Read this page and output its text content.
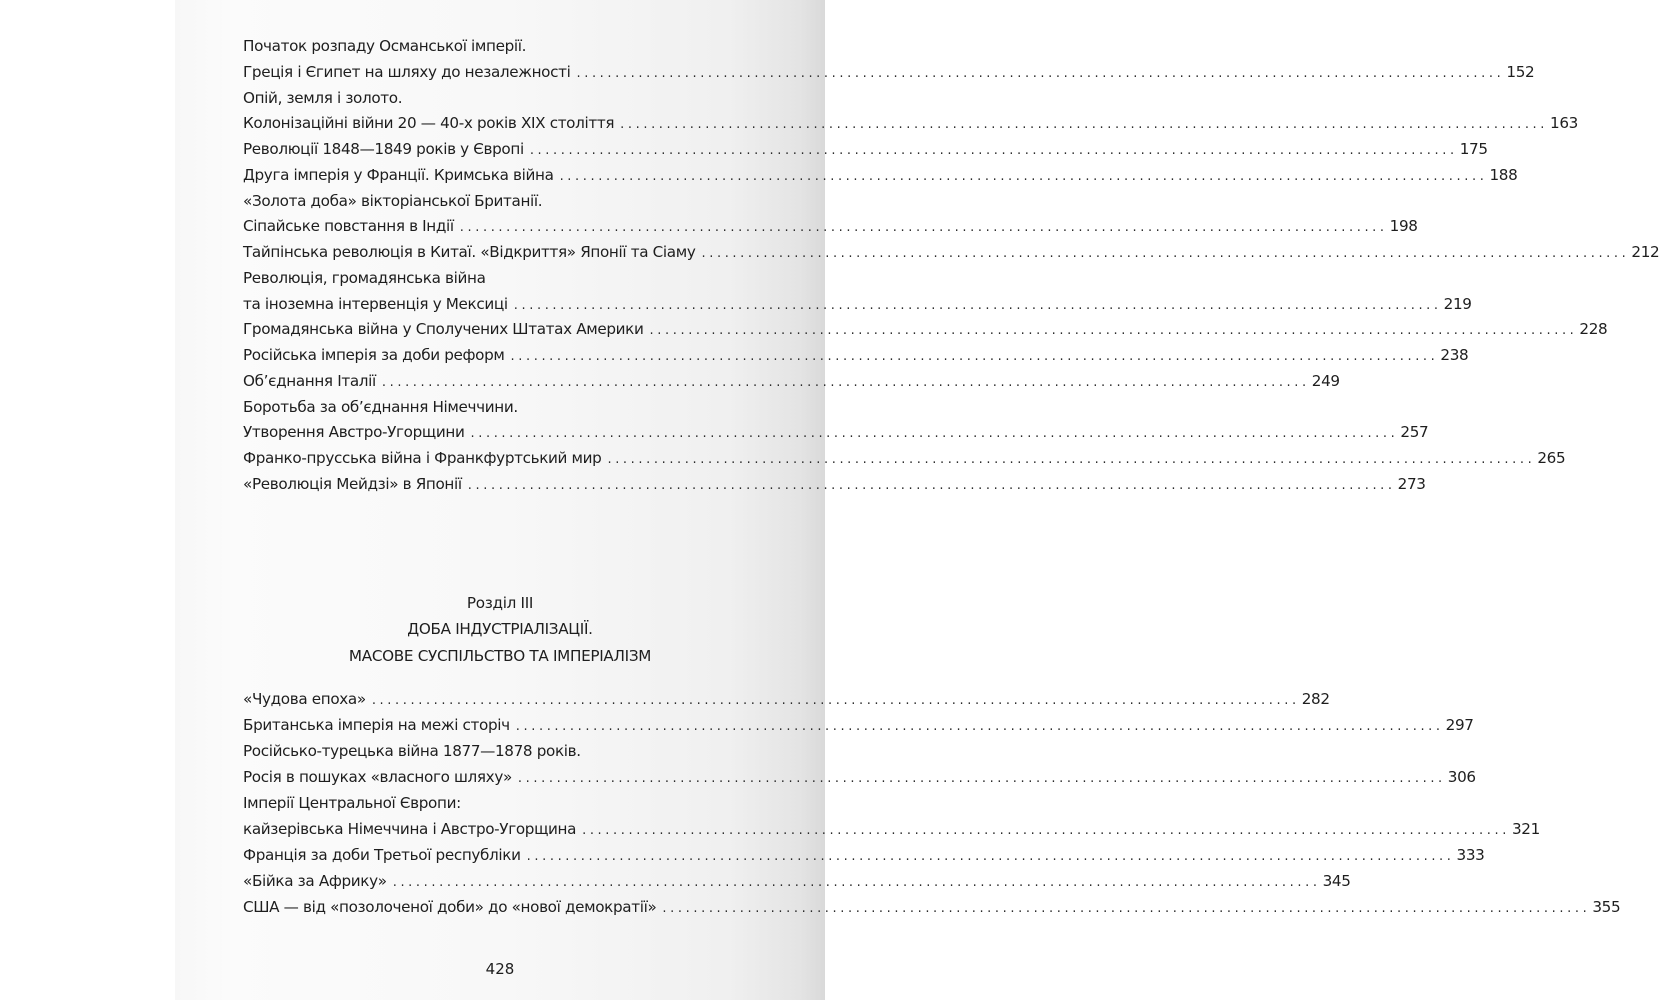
Початок розпаду Османської імперії.
Греція і Єгипет на шляху до незалежності ........................................................................................................................ 152
Опій, земля і золото.
Колонізаційні війни 20 — 40-х років XIX століття ........................................................................................................................ 163
Революції 1848—1849 років у Європі ........................................................................................................................ 175
Друга імперія у Франції. Кримська війна ........................................................................................................................ 188
«Золота доба» вікторіанської Британії.
Сіпайське повстання в Індії ........................................................................................................................ 198
Тайпінська революція в Китаї. «Відкриття» Японії та Сіаму ........................................................................................................................ 212
Революція, громадянська війна
та іноземна інтервенція у Мексиці ........................................................................................................................ 219
Громадянська війна у Сполучених Штатах Америки ........................................................................................................................ 228
Російська імперія за доби реформ ........................................................................................................................ 238
Об’єднання Італії ........................................................................................................................ 249
Боротьба за об’єднання Німеччини.
Утворення Австро-Угорщини ........................................................................................................................ 257
Франко-прусська війна і Франкфуртський мир ........................................................................................................................ 265
«Революція Мейдзі» в Японії ........................................................................................................................ 273
Розділ III
ДОБА ІНДУСТРІАЛІЗАЦІЇ.
МАСОВЕ СУСПІЛЬСТВО ТА ІМПЕРІАЛІЗМ
«Чудова епоха» ........................................................................................................................ 282
Британська імперія на межі сторіч ........................................................................................................................ 297
Російсько-турецька війна 1877—1878 років.
Росія в пошуках «власного шляху» ........................................................................................................................ 306
Імперії Центральної Європи:
кайзерівська Німеччина і Австро-Угорщина ........................................................................................................................ 321
Франція за доби Третьої республіки ........................................................................................................................ 333
«Бійка за Африку» ........................................................................................................................ 345
США — від «позолоченої доби» до «нової демократії» ........................................................................................................................ 355
428
